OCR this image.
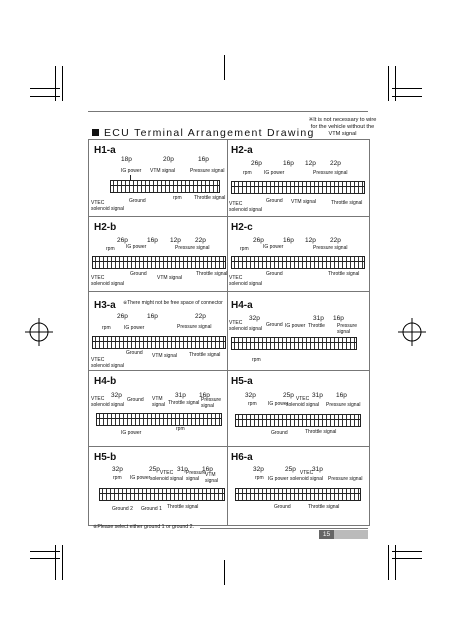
ECU Terminal Arrangement Drawing
※It is not necessary to wire for the vehicle without the VTM signal
H1-a
18p	20p	16p
IG power VTM signal	Pressure signal
VTEC
solenoid signal
Ground	rpm Throttle signal
H2-a
26p	16p 12p 22p
rpm IG power	Pressure signal
VTEC
solenoid signal
Ground VTM signal	Throttle signal
H2-b
26p	16p 12p 22p
rpm IG power	Pressure signal
VTEC
solenoid signal
Ground
VTM signal
Throttle signal
H2-c
26p	16p 12p 22p
rpm	IG power	Pressure signal
VTEC
solenoid signal
Ground	Throttle signal
H3-a ※There might not be free space of connector
26p	16p	22p
rpm	IG power	Pressure signal
Ground VTM signal Throttle signal
VTEC
solenoid signal
H4-a
32p	31p 16p
VTEC
solenoid signal
Ground IG power Throttle Pressure
signal
rpm
H4-b
32p	31p 16p
VTEC
solenoid signal
Ground VTM
signal Throttle signal Pressure
signal
rpm
IG power
H5-a
32p	25p	31p 16p
rpm IG power
VTEC
solenoid signal Pressure signal
Ground	Throttle signal
H5-b
32p	25p	31p 16p
rpm IG power
VTEC
solenoid signal
Pressure
signal
VTM
signal
Ground 2 Ground 1 Throttle signal
H6-a
32p	25p 31p
rpm IG power
VTEC
solenoid signal Pressure signal
Ground	Throttle signal
※Please select either ground 1 or ground 2.
15
